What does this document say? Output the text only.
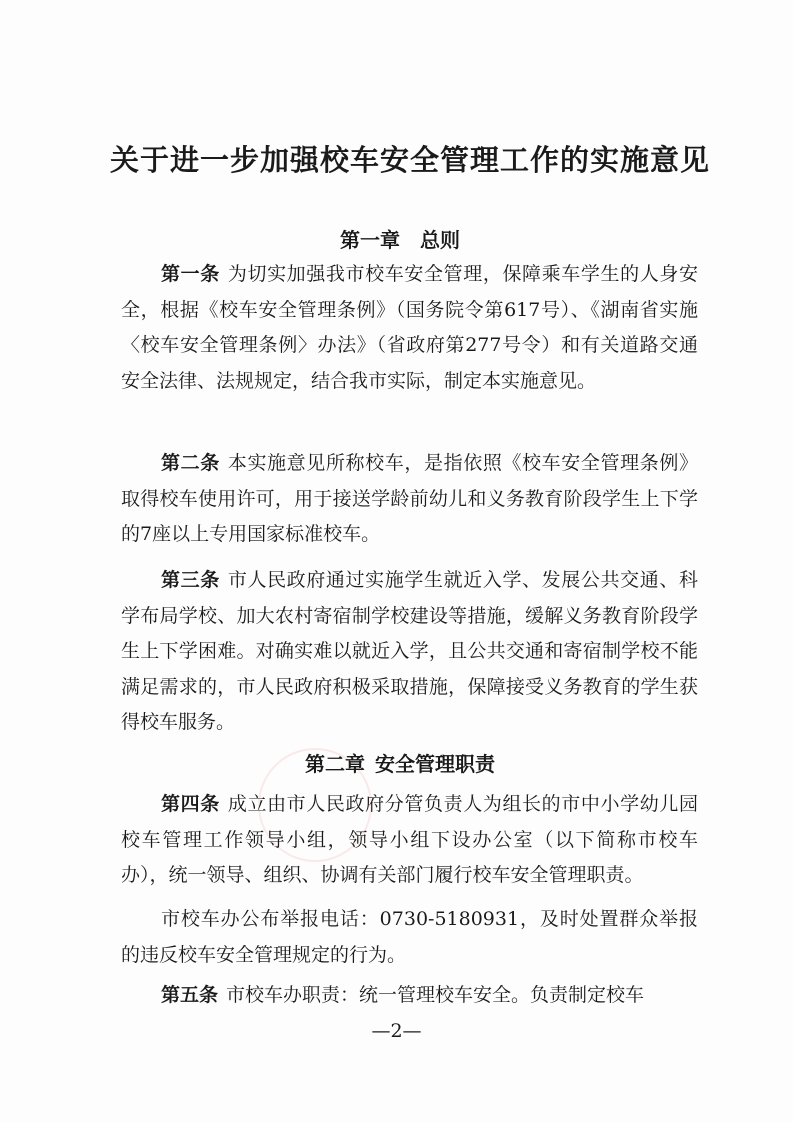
关于进一步加强校车安全管理工作的实施意见
第一章 总则

第一条 为切实加强我市校车安全管理，保障乘车学生的人身安全，根据《校车安全管理条例》（国务院令第617号）、《湖南省实施〈校车安全管理条例〉办法》（省政府第277号令）和有关道路交通安全法律、法规规定，结合我市实际，制定本实施意见。

第二条 本实施意见所称校车，是指依照《校车安全管理条例》取得校车使用许可，用于接送学龄前幼儿和义务教育阶段学生上下学的7座以上专用国家标准校车。

第三条 市人民政府通过实施学生就近入学、发展公共交通、科学布局学校、加大农村寄宿制学校建设等措施，缓解义务教育阶段学生上下学困难。对确实难以就近入学，且公共交通和寄宿制学校不能满足需求的，市人民政府积极采取措施，保障接受义务教育的学生获得校车服务。

第二章 安全管理职责

第四条 成立由市人民政府分管负责人为组长的市中小学幼儿园校车管理工作领导小组，领导小组下设办公室（以下简称市校车办），统一领导、组织、协调有关部门履行校车安全管理职责。

市校车办公布举报电话：0730-5180931，及时处置群众举报的违反校车安全管理规定的行为。

第五条 市校车办职责：统一管理校车安全。负责制定校车

—2—
